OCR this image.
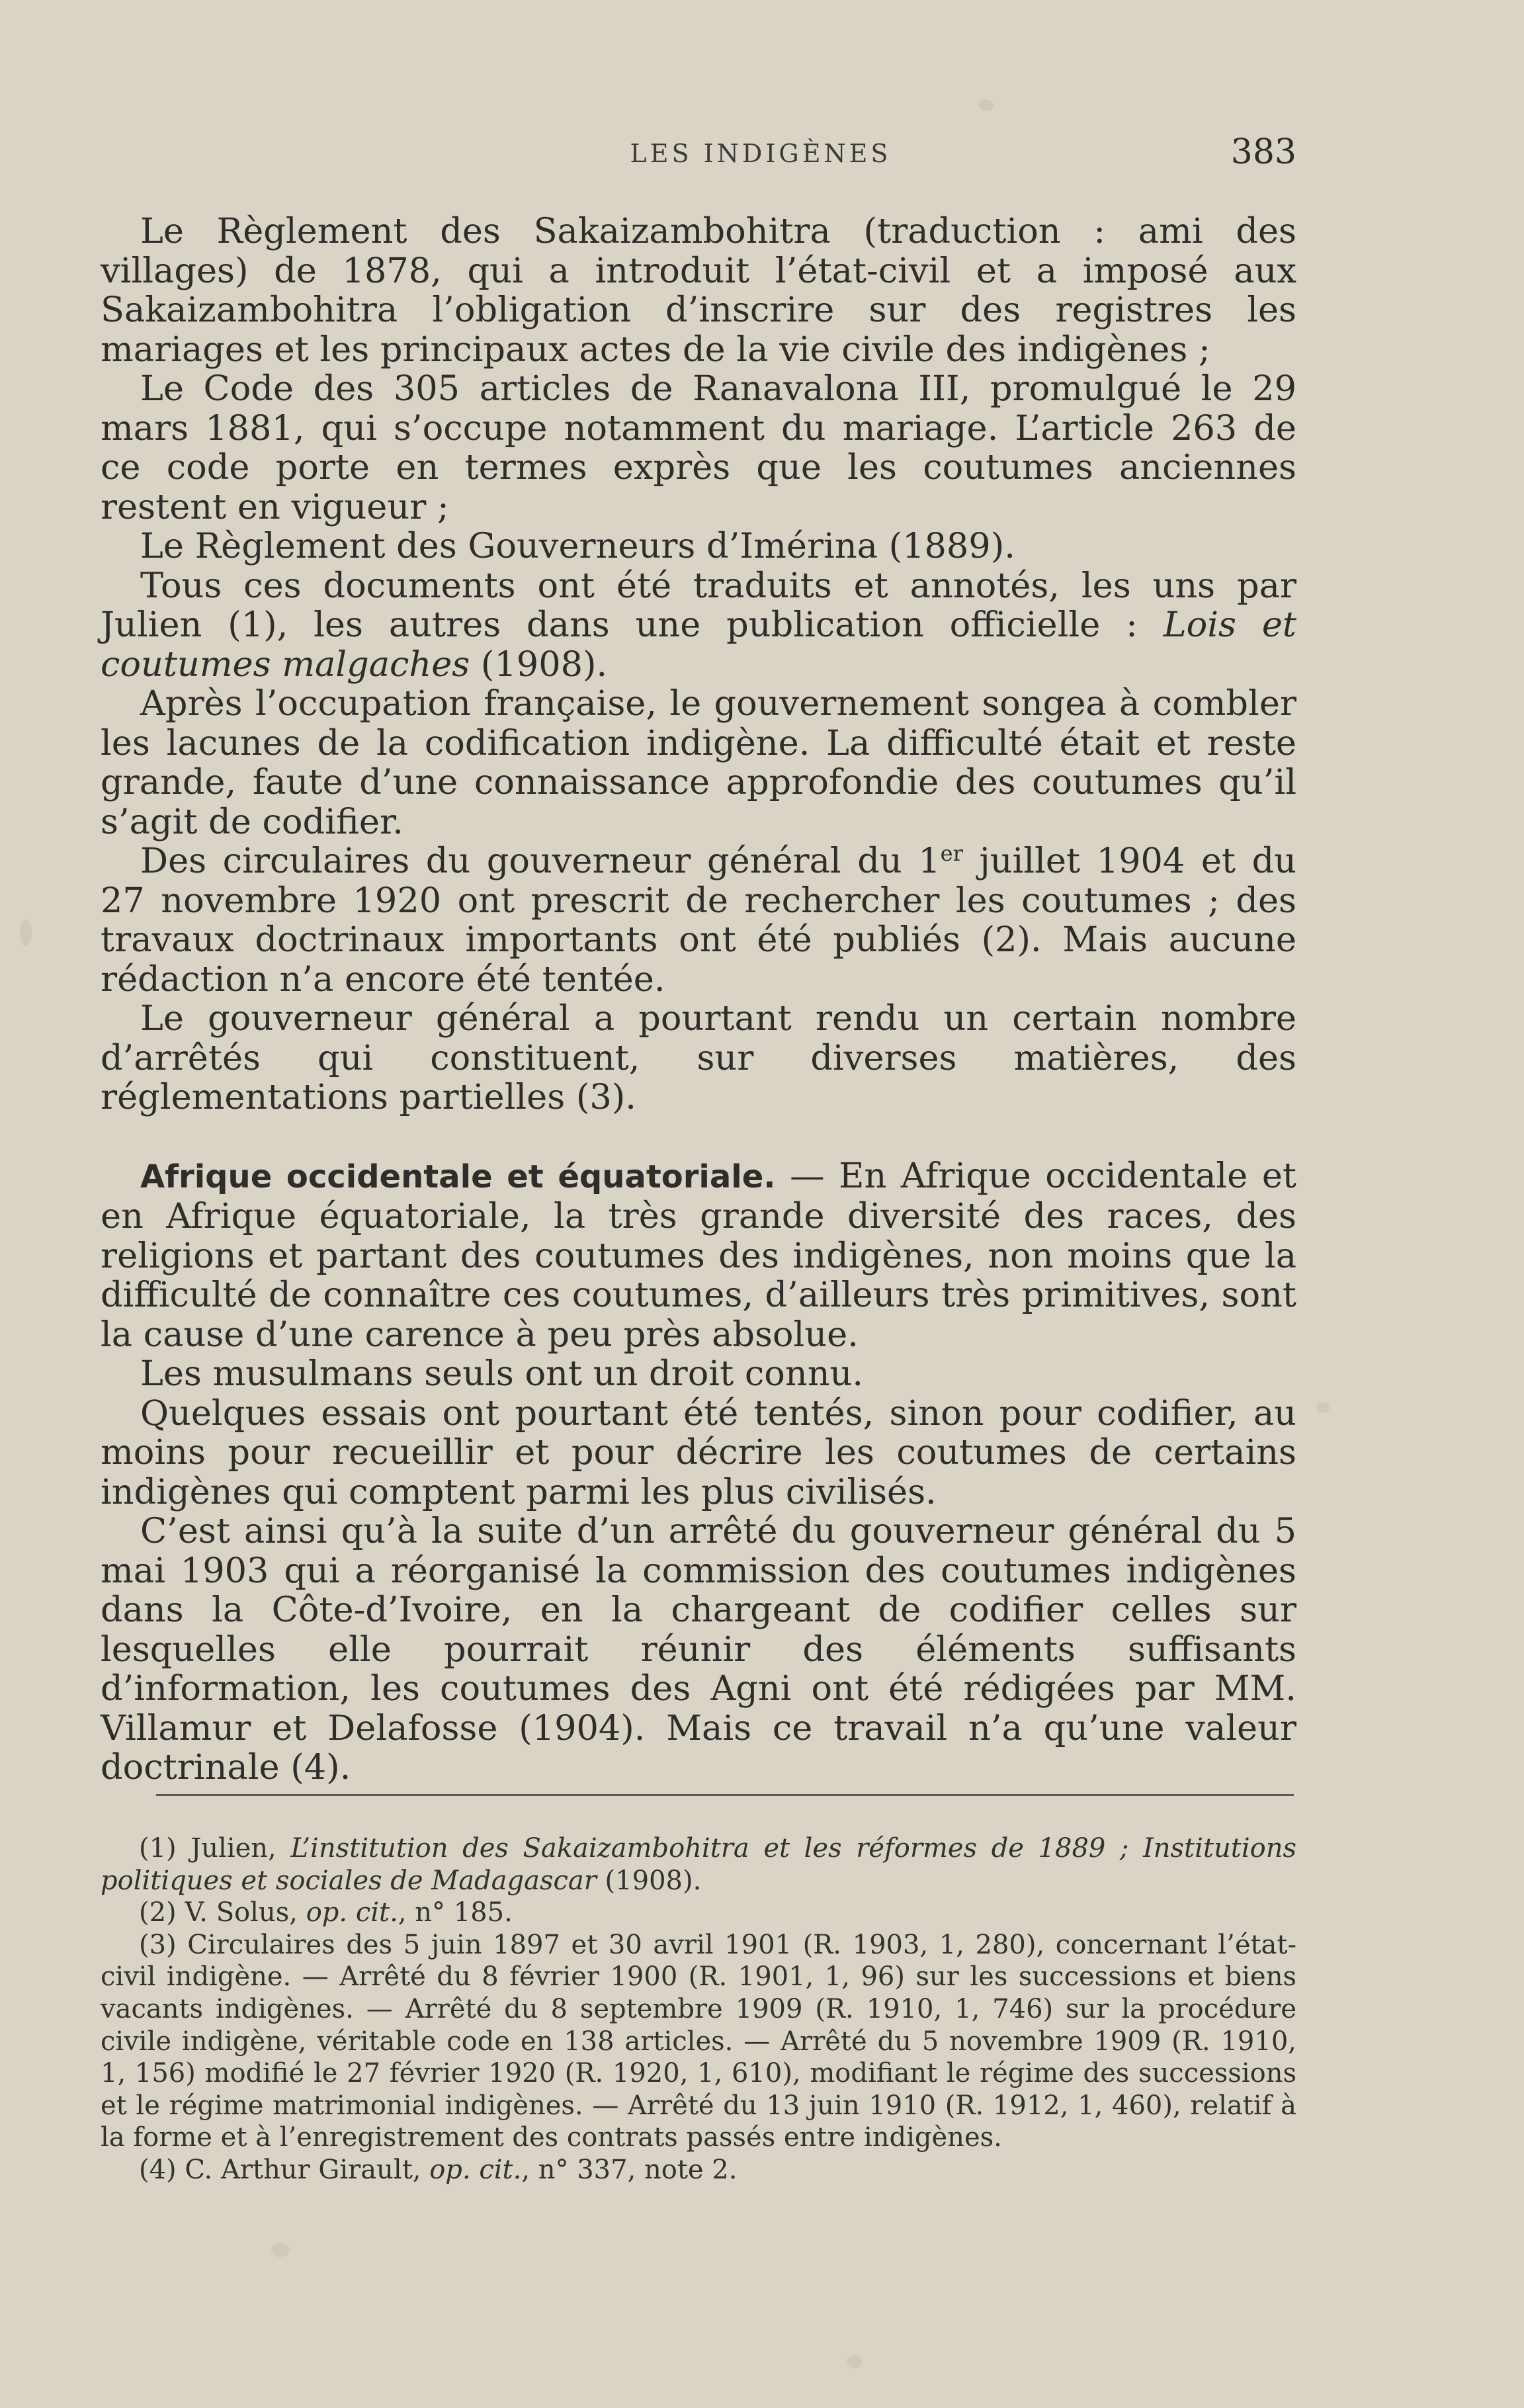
LES INDIGÈNES	383

Le Règlement des Sakaizambohitra (traduction : ami des villages) de 1878, qui a introduit l’état-civil et a imposé aux Sakaizambohitra l’obligation d’inscrire sur des registres les mariages et les principaux actes de la vie civile des indigènes ;

Le Code des 305 articles de Ranavalona III, promulgué le 29 mars 1881, qui s’occupe notamment du mariage. L’article 263 de ce code porte en termes exprès que les coutumes anciennes restent en vigueur ;

Le Règlement des Gouverneurs d’Imérina (1889).

Tous ces documents ont été traduits et annotés, les uns par Julien (1), les autres dans une publication officielle : Lois et coutumes malgaches (1908).

Après l’occupation française, le gouvernement songea à combler les lacunes de la codification indigène. La difficulté était et reste grande, faute d’une connaissance approfondie des coutumes qu’il s’agit de codifier.

Des circulaires du gouverneur général du 1er juillet 1904 et du 27 novembre 1920 ont prescrit de rechercher les coutumes ; des travaux doctrinaux importants ont été publiés (2). Mais aucune rédaction n’a encore été tentée.

Le gouverneur général a pourtant rendu un certain nombre d’arrêtés qui constituent, sur diverses matières, des réglementations partielles (3).

Afrique occidentale et équatoriale. — En Afrique occidentale et en Afrique équatoriale, la très grande diversité des races, des religions et partant des coutumes des indigènes, non moins que la difficulté de connaître ces coutumes, d’ailleurs très primitives, sont la cause d’une carence à peu près absolue.

Les musulmans seuls ont un droit connu.

Quelques essais ont pourtant été tentés, sinon pour codifier, au moins pour recueillir et pour décrire les coutumes de certains indigènes qui comptent parmi les plus civilisés.

C’est ainsi qu’à la suite d’un arrêté du gouverneur général du 5 mai 1903 qui a réorganisé la commission des coutumes indigènes dans la Côte-d’Ivoire, en la chargeant de codifier celles sur lesquelles elle pourrait réunir des éléments suffisants d’information, les coutumes des Agni ont été rédigées par MM. Villamur et Delafosse (1904). Mais ce travail n’a qu’une valeur doctrinale (4).

(1) Julien, L’institution des Sakaizambohitra et les réformes de 1889 ; Institutions politiques et sociales de Madagascar (1908).

(2) V. Solus, op. cit., n° 185.

(3) Circulaires des 5 juin 1897 et 30 avril 1901 (R. 1903, 1, 280), concernant l’état-civil indigène. — Arrêté du 8 février 1900 (R. 1901, 1, 96) sur les successions et biens vacants indigènes. — Arrêté du 8 septembre 1909 (R. 1910, 1, 746) sur la procédure civile indigène, véritable code en 138 articles. — Arrêté du 5 novembre 1909 (R. 1910, 1, 156) modifié le 27 février 1920 (R. 1920, 1, 610), modifiant le régime des successions et le régime matrimonial indigènes. — Arrêté du 13 juin 1910 (R. 1912, 1, 460), relatif à la forme et à l’enregistrement des contrats passés entre indigènes.

(4) C. Arthur Girault, op. cit., n° 337, note 2.
